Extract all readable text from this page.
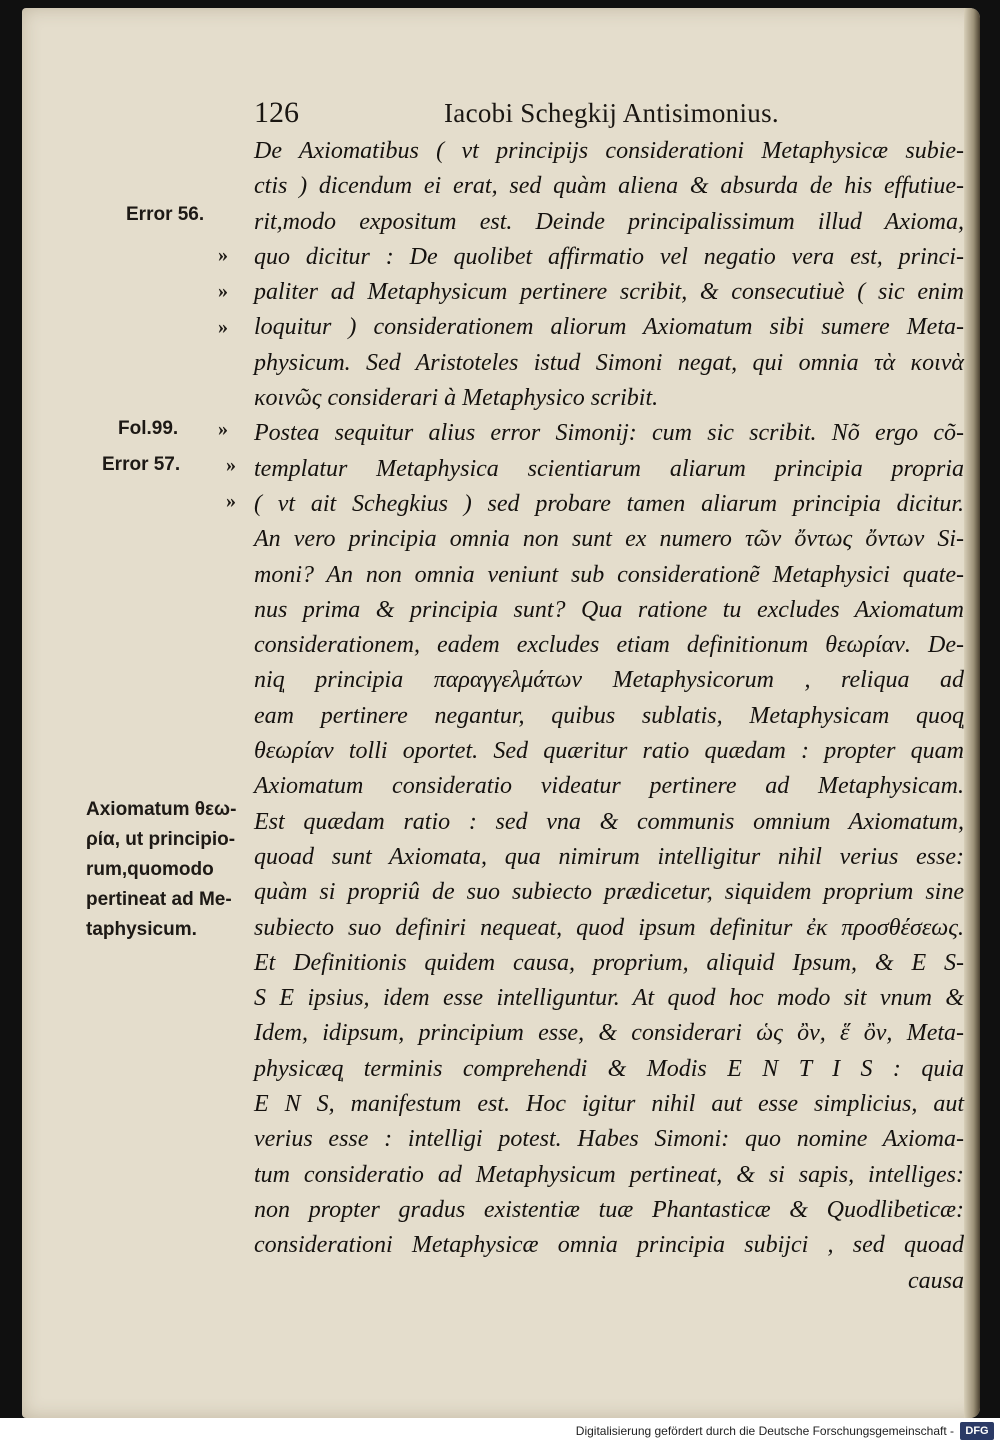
126	Iacobi Schegkij Antisimonius.
Error 56.
»
»
»
Fol.99. »
Error 57. »
»
Axiomatum θεω-
ρία, ut principio-
rum,quomodo
pertineat ad Me-
taphysicum.
De Axiomatibus ( vt principijs considerationi Metaphysicæ subie-
ctis ) dicendum ei erat, sed quàm aliena & absurda de his effutiue-
rit,modo expositum est. Deinde principalissimum illud Axioma,
quo dicitur : De quolibet affirmatio vel negatio vera est, princi-
paliter ad Metaphysicum pertinere scribit, & consecutiuè ( sic enim
loquitur ) considerationem aliorum Axiomatum sibi sumere Meta-
physicum. Sed Aristoteles istud Simoni negat, qui omnia τὰ κοινὰ
κοινῶς considerari à Metaphysico scribit.
Postea sequitur alius error Simonij: cum sic scribit. Nõ ergo cõ-
templatur Metaphysica scientiarum aliarum principia propria
( vt ait Schegkius ) sed probare tamen aliarum principia dicitur.
An vero principia omnia non sunt ex numero τῶν ὄντως ὄντων Si-
moni? An non omnia veniunt sub considerationẽ Metaphysici quate-
nus prima & principia sunt? Qua ratione tu excludes Axiomatum
considerationem, eadem excludes etiam definitionum θεωρίαν. De-
niq̩ principia παραγγελμάτων Metaphysicorum , reliqua ad
eam pertinere negantur, quibus sublatis, Metaphysicam quoq̩
θεωρίαν tolli oportet. Sed quæritur ratio quædam : propter quam
Axiomatum consideratio videatur pertinere ad Metaphysicam.
Est quædam ratio : sed vna & communis omnium Axiomatum,
quoad sunt Axiomata, qua nimirum intelligitur nihil verius esse:
quàm si propriû de suo subiecto prædicetur, siquidem proprium sine
subiecto suo definiri nequeat, quod ipsum definitur ἐκ προσθέσεως.
Et Definitionis quidem causa, proprium, aliquid Ipsum, & E S-
S E ipsius, idem esse intelliguntur. At quod hoc modo sit vnum &
Idem, idipsum, principium esse, & considerari ὡς ὂν, ἕ ὂν, Meta-
physicæq̩ terminis comprehendi & Modis E N T I S : quia
E N S, manifestum est. Hoc igitur nihil aut esse simplicius, aut
verius esse : intelligi potest. Habes Simoni: quo nomine Axioma-
tum consideratio ad Metaphysicum pertineat, & si sapis, intelliges:
non propter gradus existentiæ tuæ Phantasticæ & Quodlibeticæ:
considerationi Metaphysicæ omnia principia subijci , sed quoad
causa
Digitalisierung gefördert durch die Deutsche Forschungsgemeinschaft -	DFG
